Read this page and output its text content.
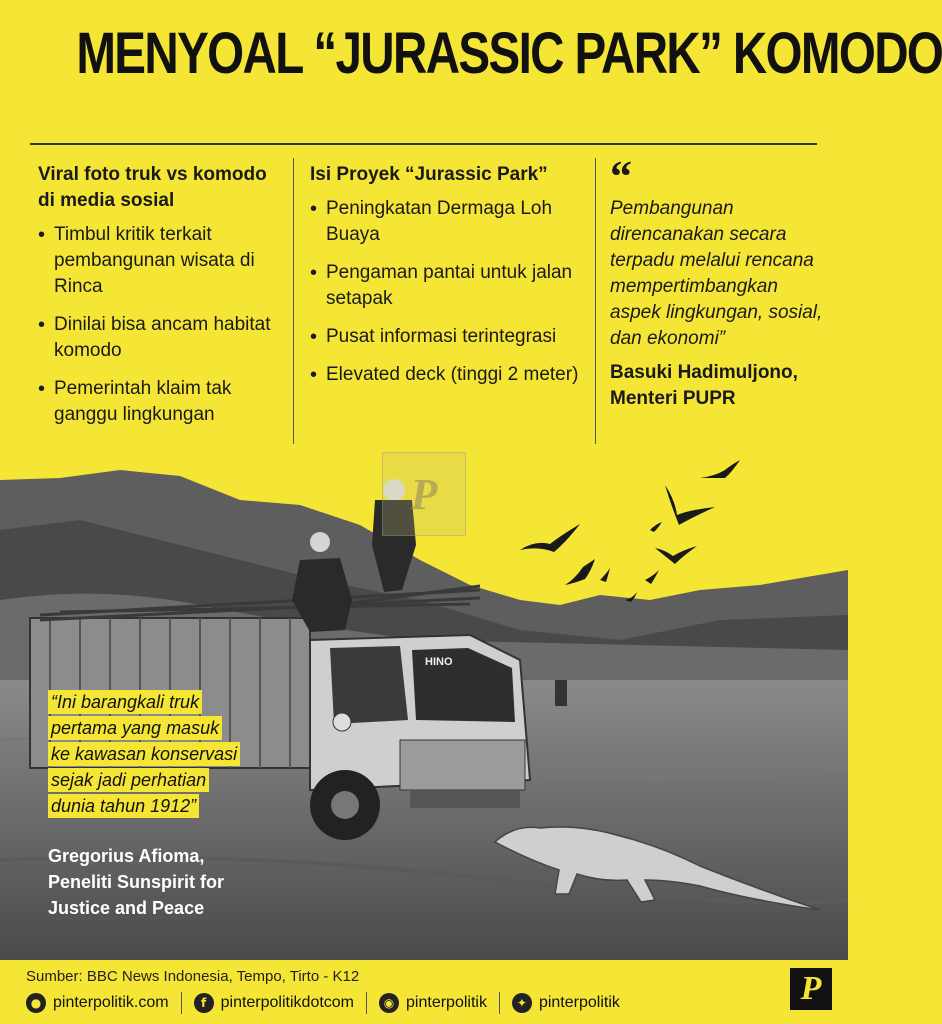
MENYOAL “JURASSIC PARK” KOMODO
Viral foto truk vs komodo di media sosial
• Timbul kritik terkait pembangunan wisata di Rinca
• Dinilai bisa ancam habitat komodo
• Pemerintah klaim tak ganggu lingkungan
Isi Proyek “Jurassic Park”
• Peningkatan Dermaga Loh Buaya
• Pengaman pantai untuk jalan setapak
• Pusat informasi terintegrasi
• Elevated deck (tinggi 2 meter)
“
Pembangunan direncanakan secara terpadu melalui rencana mempertimbangkan aspek lingkungan, sosial, dan ekonomi”
Basuki Hadimuljono,
Menteri PUPR
HINO
P
“Ini barangkali truk
pertama yang masuk
ke kawasan konservasi
sejak jadi perhatian
dunia tahun 1912”
Gregorius Afioma,
Peneliti Sunspirit for
Justice and Peace
Sumber: BBC News Indonesia, Tempo, Tirto - K12
● pinterpolitik.com	f pinterpolitikdotcom	◉ pinterpolitik	✦ pinterpolitik	P
